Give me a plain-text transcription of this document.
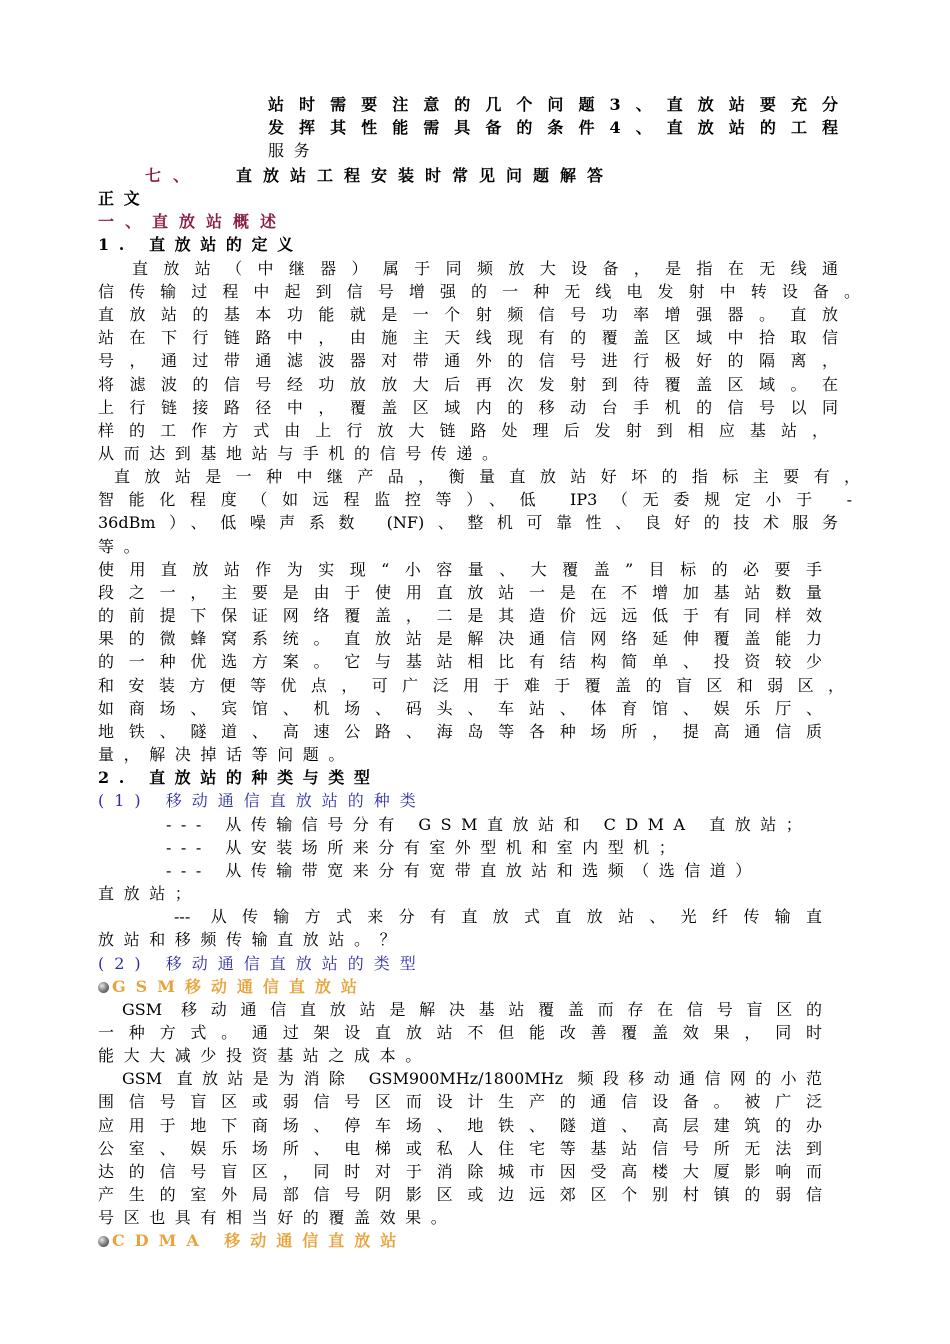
站时需要注意的几个问题3、直放站要充分
发挥其性能需具备的条件4、直放站的工程
服务
七、 直放站工程安装时常见问题解答
正文
一、直放站概述
1. 直放站的定义
直放站（中继器）属于同频放大设备，是指在无线通
信传输过程中起到信号增强的一种无线电发射中转设备。
直放站的基本功能就是一个射频信号功率增强器。直放
站在下行链路中，由施主天线现有的覆盖区域中拾取信
号，通过带通滤波器对带通外的信号进行极好的隔离，
将滤波的信号经功放放大后再次发射到待覆盖区域。在
上行链接路径中，覆盖区域内的移动台手机的信号以同
样的工作方式由上行放大链路处理后发射到相应基站，
从而达到基地站与手机的信号传递。
直放站是一种中继产品，衡量直放站好坏的指标主要有，
智能化程度（如远程监控等）、低 IP3（无委规定小于 -
36dBm）、低噪声系数 (NF)、整机可靠性、良好的技术服务
等。
使用直放站作为实现“小容量、大覆盖”目标的必要手
段之一，主要是由于使用直放站一是在不增加基站数量
的前提下保证网络覆盖，二是其造价远远低于有同样效
果的微蜂窝系统。直放站是解决通信网络延伸覆盖能力
的一种优选方案。它与基站相比有结构简单、投资较少
和安装方便等优点，可广泛用于难于覆盖的盲区和弱区，
如商场、宾馆、机场、码头、车站、体育馆、娱乐厅、
地铁、隧道、高速公路、海岛等各种场所，提高通信质
量，解决掉话等问题。
2. 直放站的种类与类型
(1) 移动通信直放站的种类
--- 从传输信号分有 GSM直放站和 CDMA 直放站；
--- 从安装场所来分有室外型机和室内型机；
--- 从传输带宽来分有宽带直放站和选频（选信道）
直放站；
--- 从传输方式来分有直放式直放站、光纤传输直
放站和移频传输直放站。？
(2) 移动通信直放站的类型
GSM移动通信直放站
GSM 移动通信直放站是解决基站覆盖而存在信号盲区的
一种方式。通过架设直放站不但能改善覆盖效果，同时
能大大减少投资基站之成本。
GSM 直放站是为消除 GSM900MHz/1800MHz 频段移动通信网的小范
围信号盲区或弱信号区而设计生产的通信设备。被广泛
应用于地下商场、停车场、地铁、隧道、高层建筑的办
公室、娱乐场所、电梯或私人住宅等基站信号所无法到
达的信号盲区，同时对于消除城市因受高楼大厦影响而
产生的室外局部信号阴影区或边远郊区个别村镇的弱信
号区也具有相当好的覆盖效果。
CDMA 移动通信直放站
